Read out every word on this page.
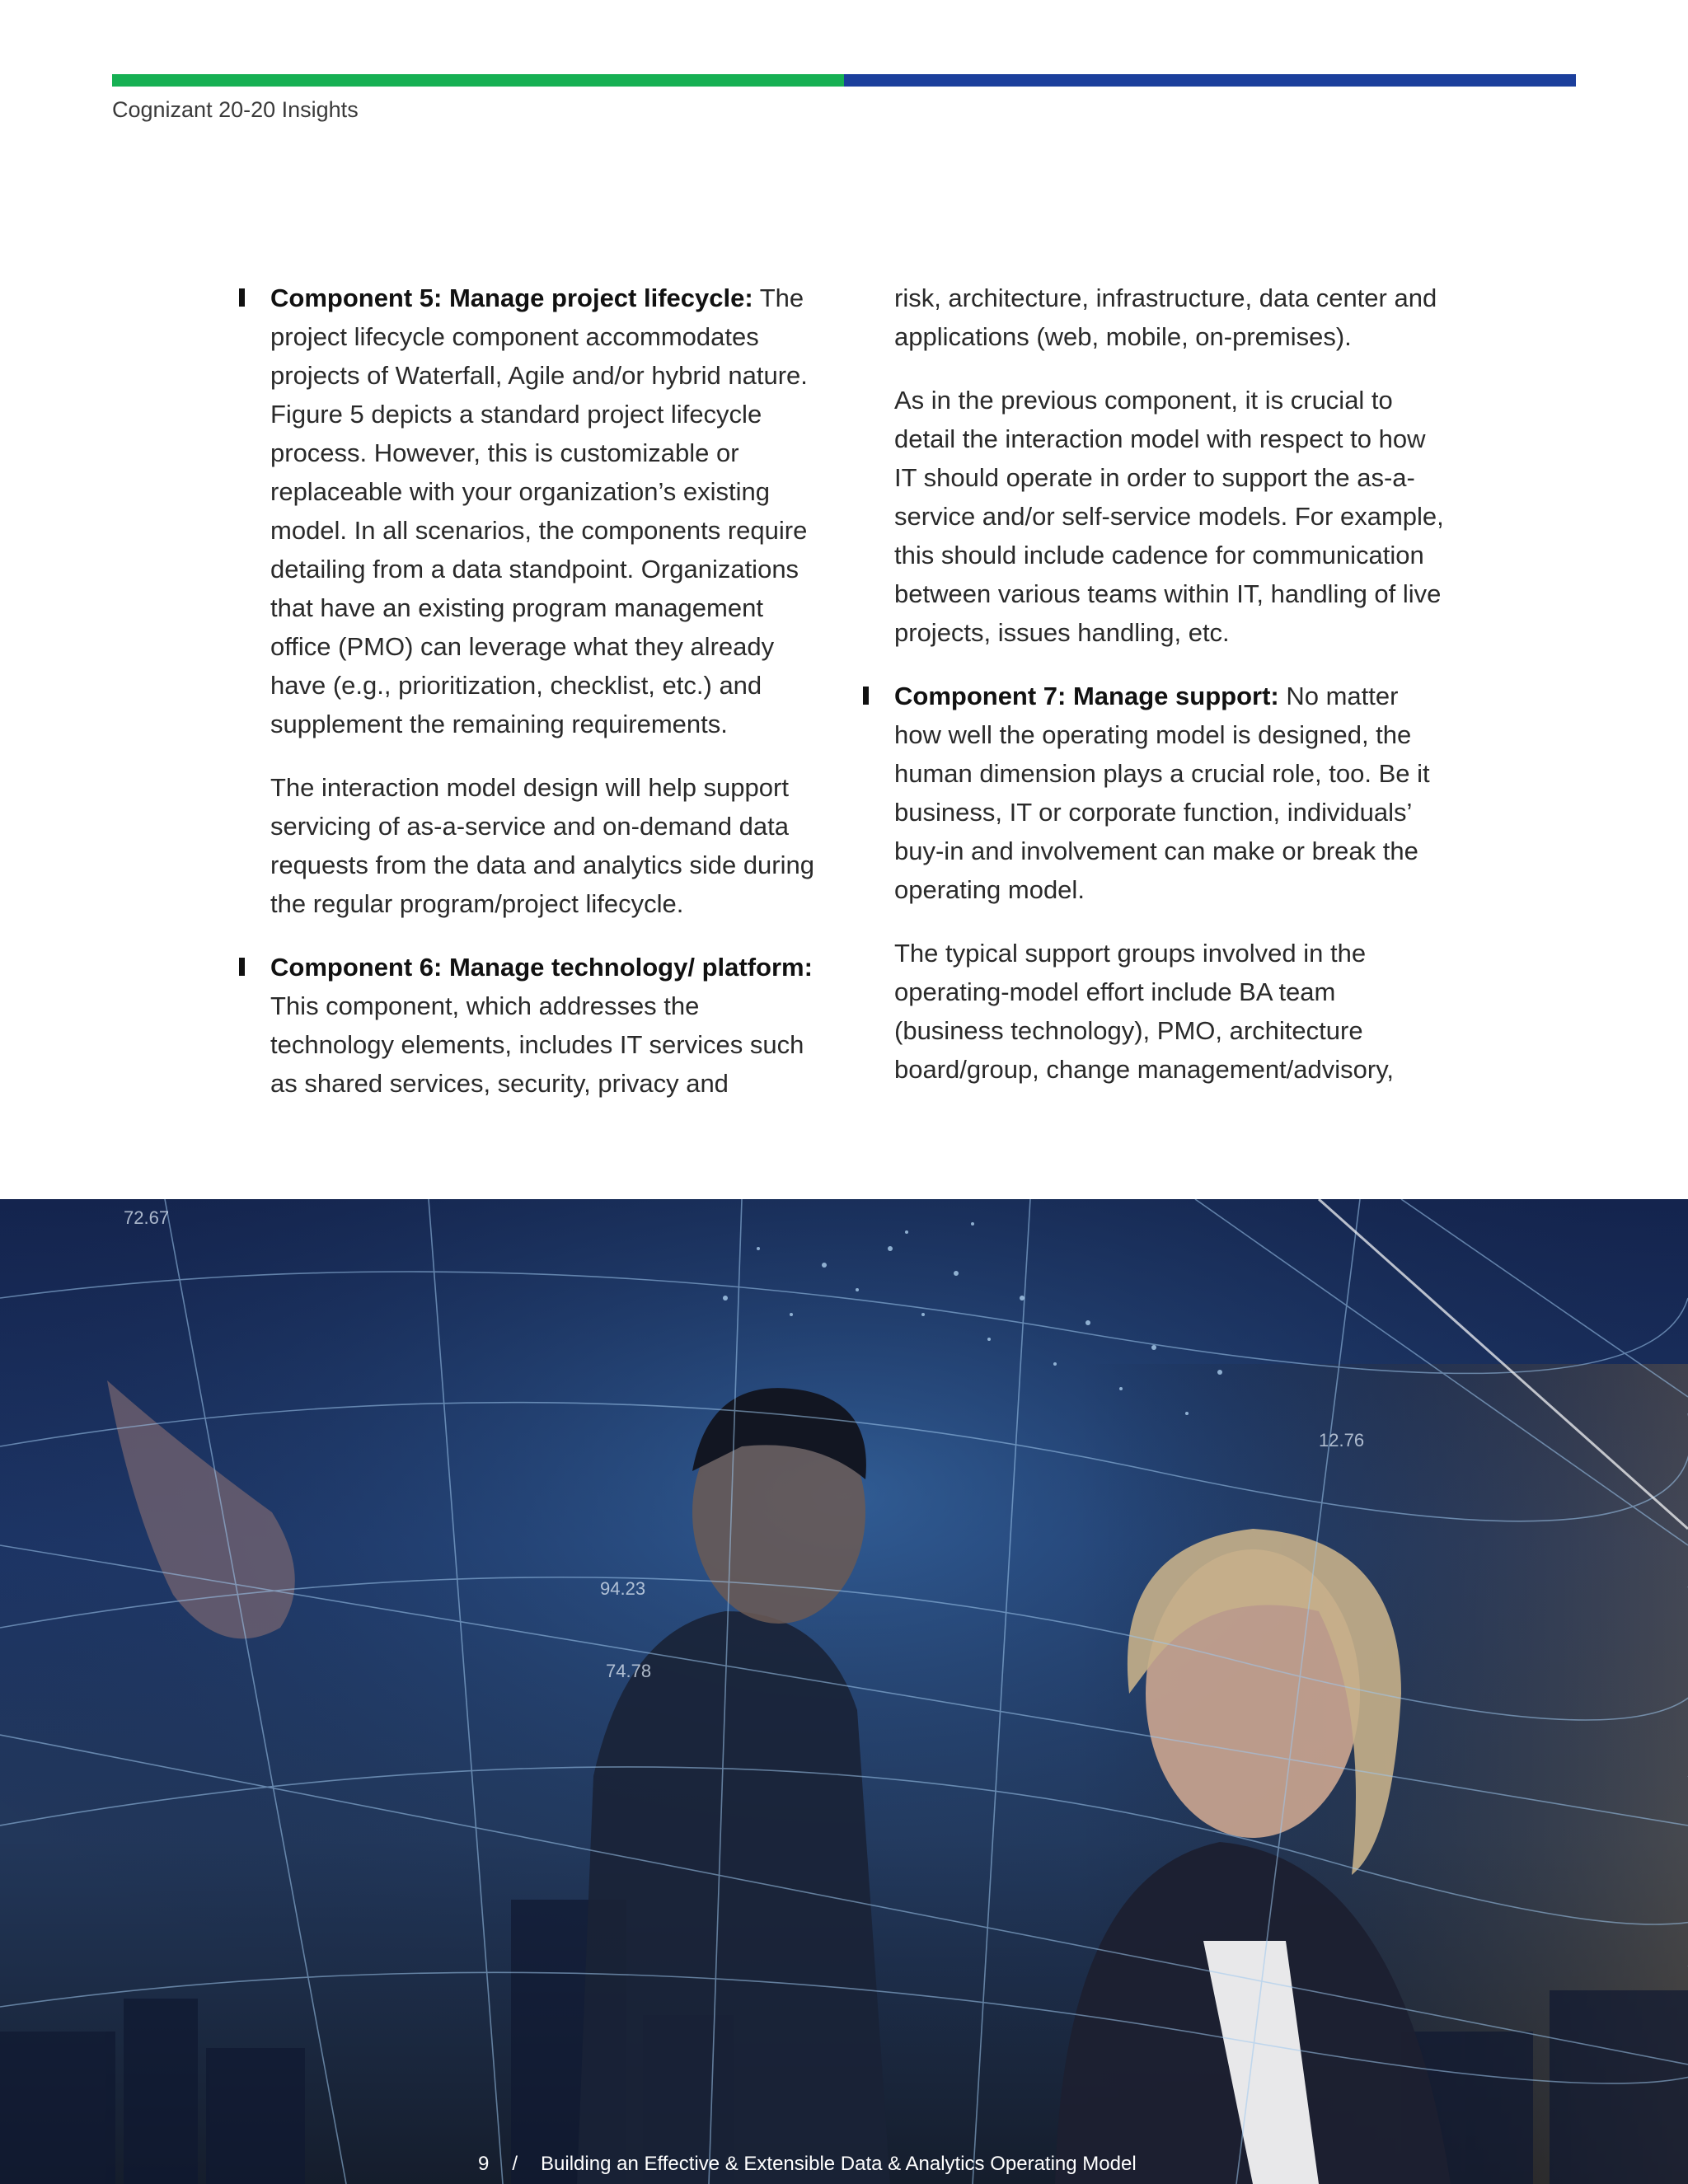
Cognizant 20-20 Insights

Component 5: Manage project lifecycle: The project lifecycle component accommodates projects of Waterfall, Agile and/or hybrid nature. Figure 5 depicts a standard project lifecycle process. However, this is customizable or replaceable with your organization’s existing model. In all scenarios, the components require detailing from a data standpoint. Organizations that have an existing program management office (PMO) can leverage what they already have (e.g., prioritization, checklist, etc.) and supplement the remaining requirements.

The interaction model design will help support servicing of as-a-service and on-demand data requests from the data and analytics side during the regular program/project lifecycle.

Component 6: Manage technology/ platform: This component, which addresses the technology elements, includes IT services such as shared services, security, privacy and

risk, architecture, infrastructure, data center and applications (web, mobile, on-premises).

As in the previous component, it is crucial to detail the interaction model with respect to how IT should operate in order to support the as-a-service and/or self-service models. For example, this should include cadence for communication between various teams within IT, handling of live projects, issues handling, etc.

Component 7: Manage support: No matter how well the operating model is designed, the human dimension plays a crucial role, too. Be it business, IT or corporate function, individuals’ buy-in and involvement can make or break the operating model.

The typical support groups involved in the operating-model effort include BA team (business technology), PMO, architecture board/group, change management/advisory,

72.67
12.76
94.23
74.78
9 / Building an Effective & Extensible Data & Analytics Operating Model
